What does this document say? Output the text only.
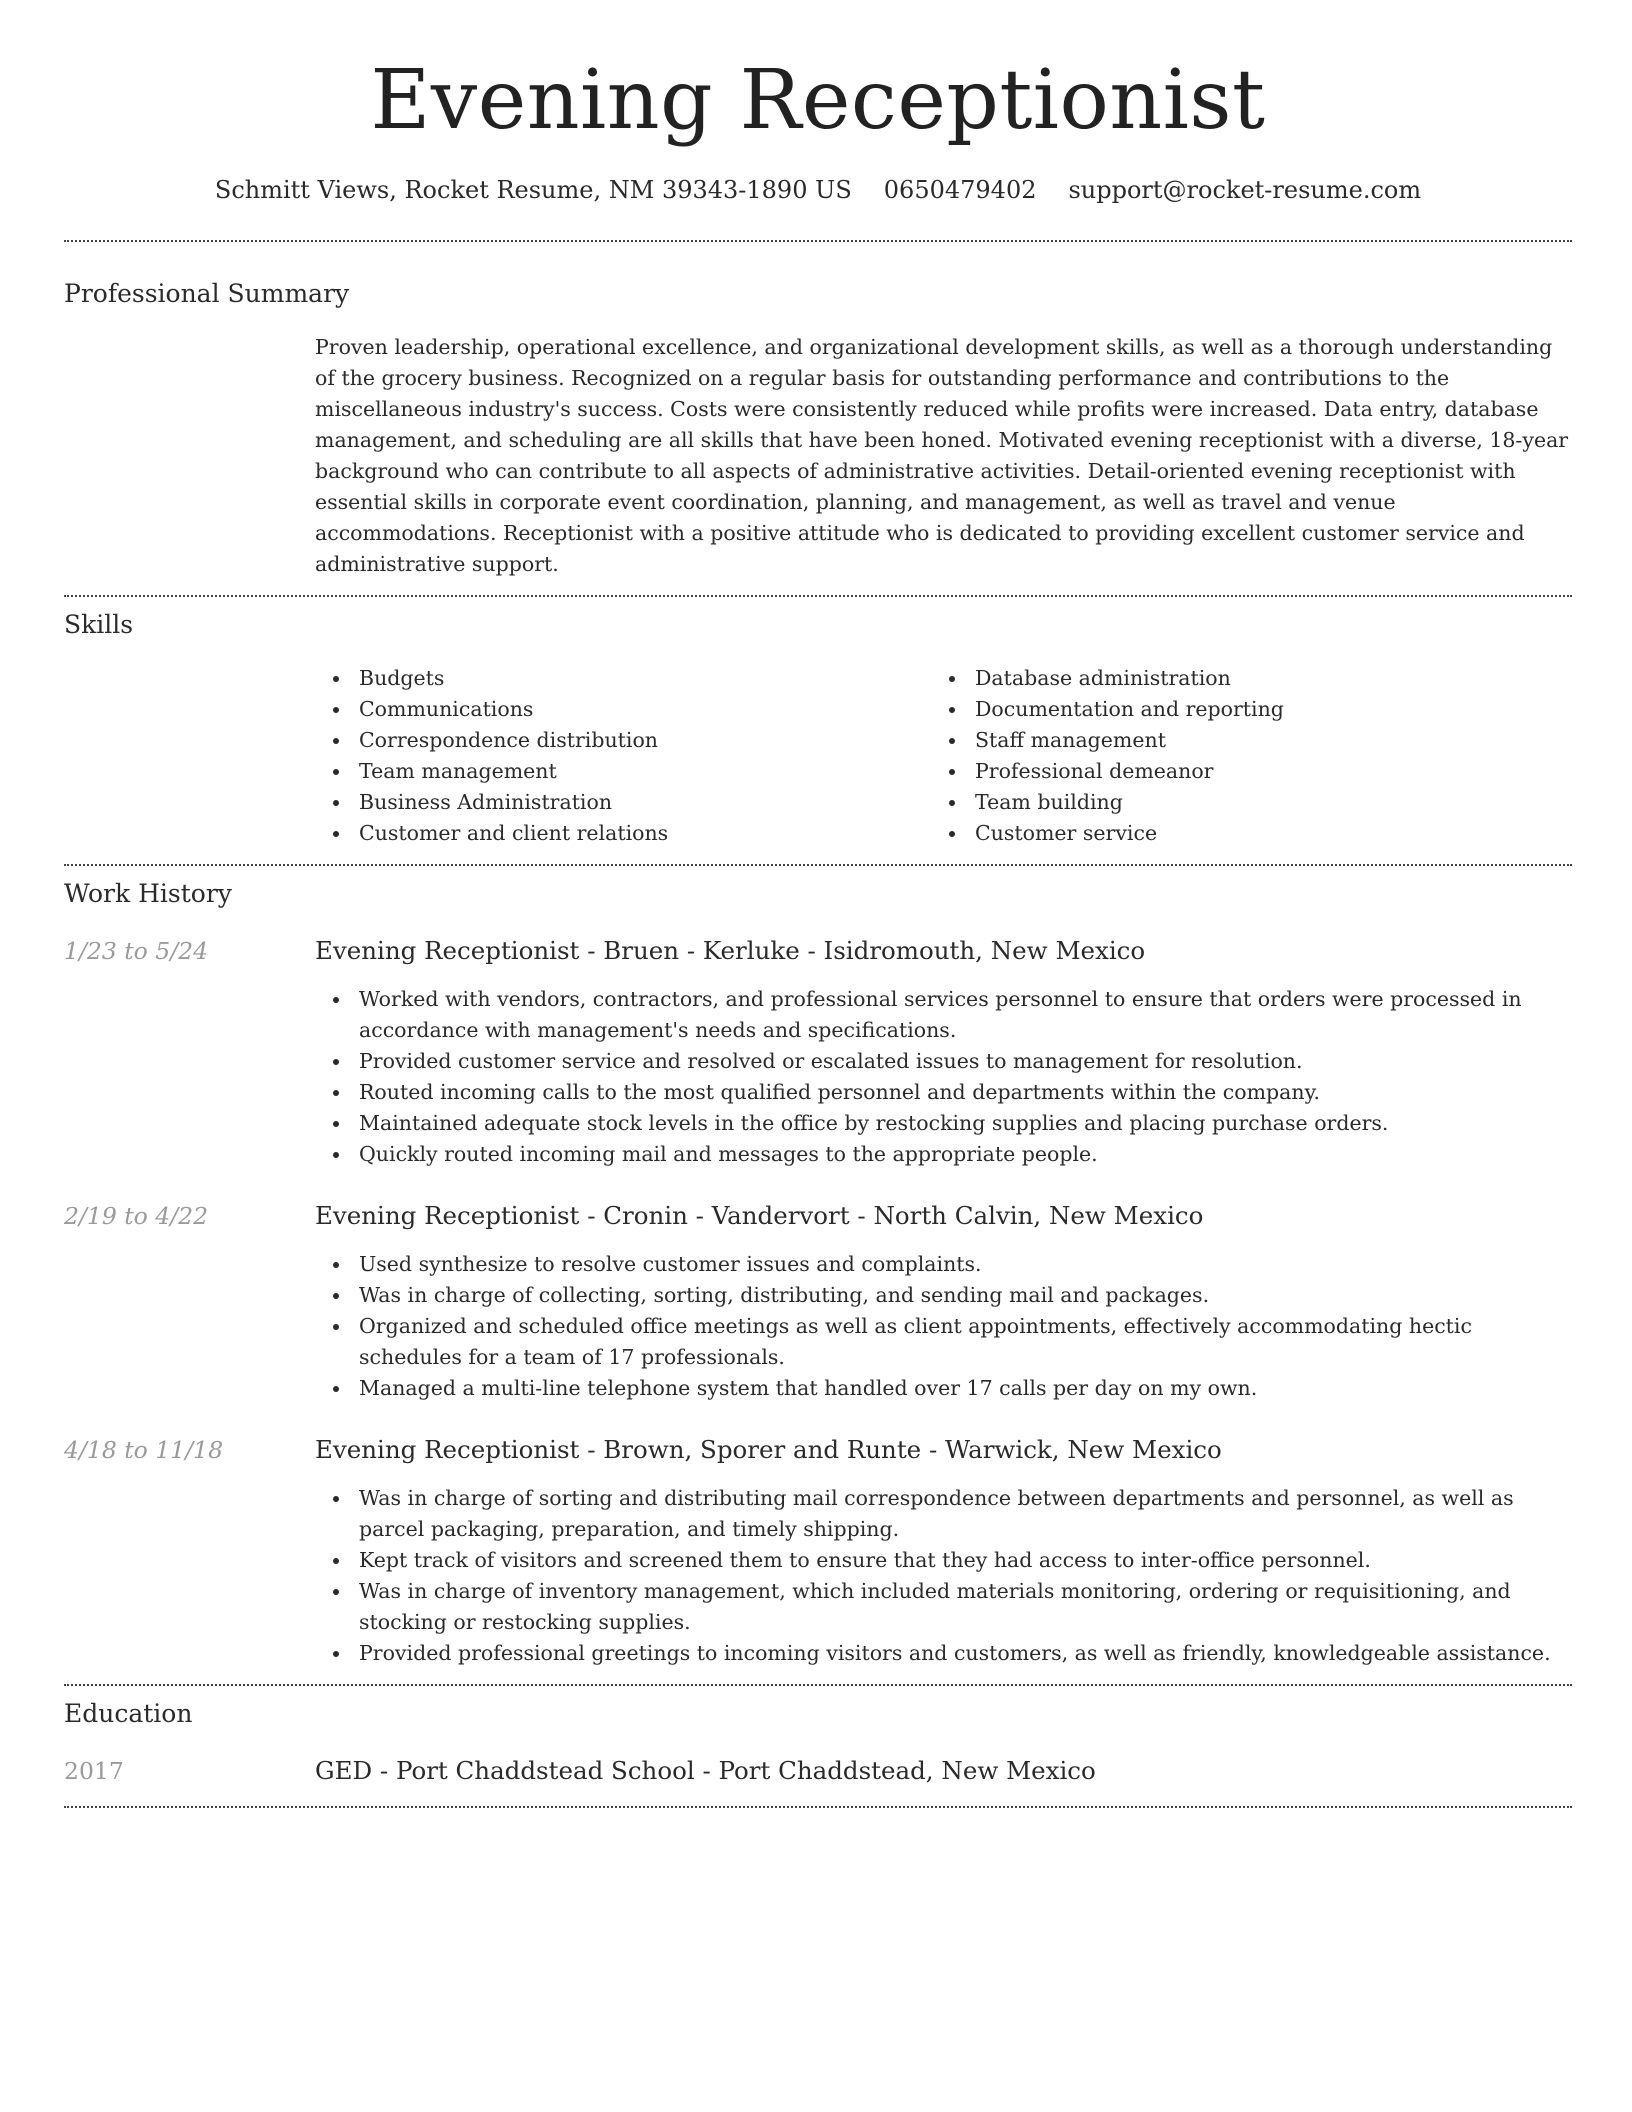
Evening Receptionist
Schmitt Views, Rocket Resume, NM 39343-1890 US 0650479402 support@rocket-resume.com
Professional Summary

Proven leadership, operational excellence, and organizational development skills, as well as a thorough understanding of the grocery business. Recognized on a regular basis for outstanding performance and contributions to the miscellaneous industry's success. Costs were consistently reduced while profits were increased. Data entry, database management, and scheduling are all skills that have been honed. Motivated evening receptionist with a diverse, 18-year background who can contribute to all aspects of administrative activities. Detail-oriented evening receptionist with essential skills in corporate event coordination, planning, and management, as well as travel and venue accommodations. Receptionist with a positive attitude who is dedicated to providing excellent customer service and administrative support.

Skills
Budgets
Communications
Correspondence distribution
Team management
Business Administration
Customer and client relations
Database administration
Documentation and reporting
Staff management
Professional demeanor
Team building
Customer service
Work History
1/23 to 5/24	Evening Receptionist - Bruen - Kerluke - Isidromouth, New Mexico
Worked with vendors, contractors, and professional services personnel to ensure that orders were processed in accordance with management's needs and specifications.
Provided customer service and resolved or escalated issues to management for resolution.
Routed incoming calls to the most qualified personnel and departments within the company.
Maintained adequate stock levels in the office by restocking supplies and placing purchase orders.
Quickly routed incoming mail and messages to the appropriate people.
2/19 to 4/22	Evening Receptionist - Cronin - Vandervort - North Calvin, New Mexico
Used synthesize to resolve customer issues and complaints.
Was in charge of collecting, sorting, distributing, and sending mail and packages.
Organized and scheduled office meetings as well as client appointments, effectively accommodating hectic schedules for a team of 17 professionals.
Managed a multi-line telephone system that handled over 17 calls per day on my own.
4/18 to 11/18	Evening Receptionist - Brown, Sporer and Runte - Warwick, New Mexico
Was in charge of sorting and distributing mail correspondence between departments and personnel, as well as parcel packaging, preparation, and timely shipping.
Kept track of visitors and screened them to ensure that they had access to inter-office personnel.
Was in charge of inventory management, which included materials monitoring, ordering or requisitioning, and stocking or restocking supplies.
Provided professional greetings to incoming visitors and customers, as well as friendly, knowledgeable assistance.
Education
2017	GED - Port Chaddstead School - Port Chaddstead, New Mexico
